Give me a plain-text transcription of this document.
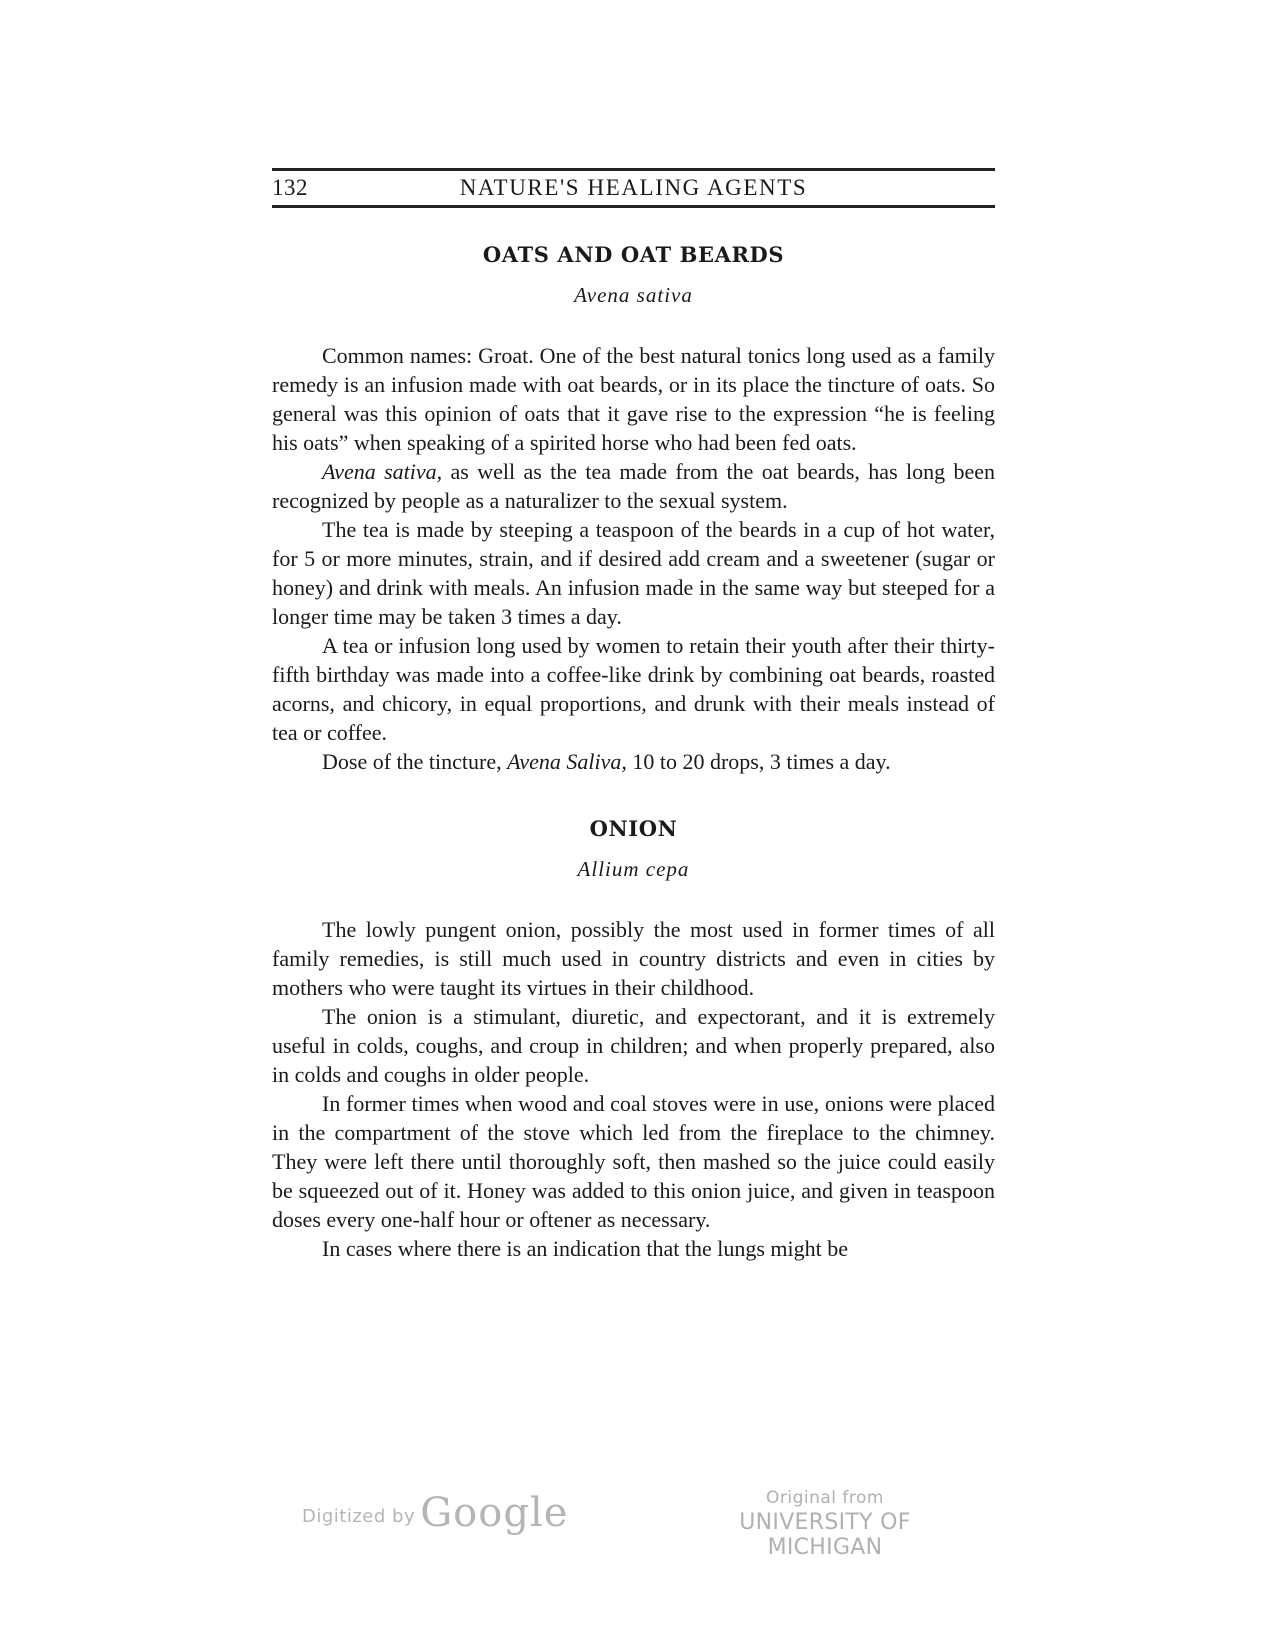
132	NATURE'S HEALING AGENTS
OATS AND OAT BEARDS
Avena sativa

Common names: Groat. One of the best natural tonics long used as a family remedy is an infusion made with oat beards, or in its place the tincture of oats. So general was this opinion of oats that it gave rise to the expression “he is feeling his oats” when speaking of a spirited horse who had been fed oats.

Avena sativa, as well as the tea made from the oat beards, has long been recognized by people as a naturalizer to the sexual system.

The tea is made by steeping a teaspoon of the beards in a cup of hot water, for 5 or more minutes, strain, and if desired add cream and a sweetener (sugar or honey) and drink with meals. An infusion made in the same way but steeped for a longer time may be taken 3 times a day.

A tea or infusion long used by women to retain their youth after their thirty-fifth birthday was made into a coffee-like drink by combining oat beards, roasted acorns, and chicory, in equal proportions, and drunk with their meals instead of tea or coffee.

Dose of the tincture, Avena Saliva, 10 to 20 drops, 3 times a day.

ONION
Allium cepa

The lowly pungent onion, possibly the most used in former times of all family remedies, is still much used in country districts and even in cities by mothers who were taught its virtues in their childhood.

The onion is a stimulant, diuretic, and expectorant, and it is extremely useful in colds, coughs, and croup in children; and when properly prepared, also in colds and coughs in older people.

In former times when wood and coal stoves were in use, onions were placed in the compartment of the stove which led from the fireplace to the chimney. They were left there until thoroughly soft, then mashed so the juice could easily be squeezed out of it. Honey was added to this onion juice, and given in teaspoon doses every one-half hour or oftener as necessary.

In cases where there is an indication that the lungs might be

Digitized by Google	Original from
UNIVERSITY OF MICHIGAN
